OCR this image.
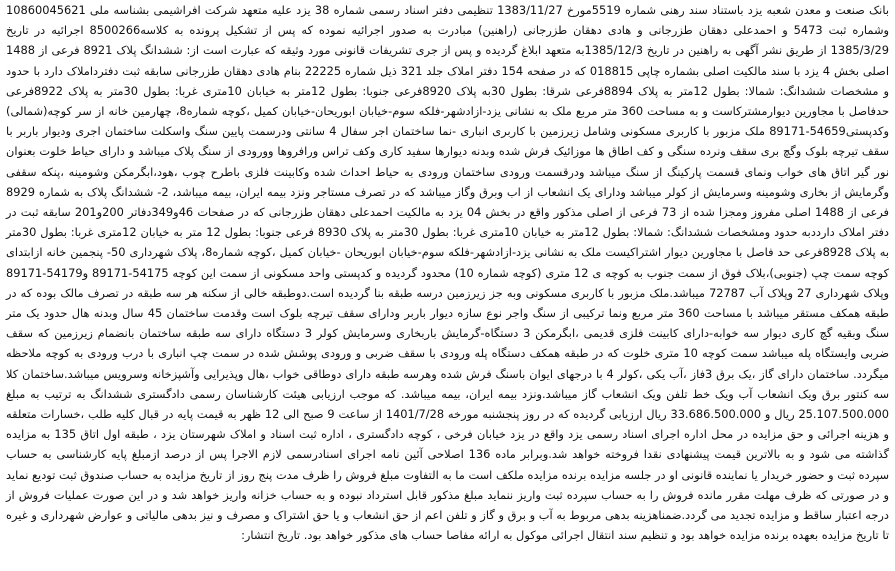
بانک صنعت و معدن شعبه یزد باستناد سند رهنی شماره 5519مورخ 1383/11/27 تنظیمی دفتر اسناد رسمی شماره 38 یزد علیه متعهد شرکت افراشیمی بشناسه ملی 10860045621 وشماره ثبت 5473 و احمدعلی دهقان طزرجانی و هادی دهقان طزرجانی (راهنین) مبادرت به صدور اجرائیه نموده که پس از تشکیل پرونده به کلاسه8500266 اجرائیه در تاریخ 1385/3/29 از طریق نشر آگهی به راهنین در تاریخ 1385/12/3به متعهد ابلاغ گردیده و پس از جری تشریفات قانونی مورد وثیقه که عبارت است از: ششدانگ پلاک 8921 فرعی از 1488 اصلی بخش 4 یزد با سند مالکیت اصلی بشماره چاپی 018815 که در صفحه 154 دفتر املاک جلد 321 ذیل شماره 22225 بنام هادی دهقان طزرجانی سابقه ثبت دفترداملاک دارد با حدود و مشخصات ششدانگ: شمالا: بطول 12متر به پلاک 8894فرعی شرقا: بطول 30به پلاک 8920فرعی جنوبا: بطول 12متر به خیابان 10متری غربا: بطول 30متر به پلاک 8922فرعی حدفاصل با مجاورین دیوارمشترکاست و به مساحت 360 متر مربع ملک به نشانی یزد-ازادشهر-فلکه سوم-خیابان ابوریحان-خیابان کمیل ،کوچه شماره8، چهارمین خانه از سر کوچه(شمالی) وکدپستی54659-89171 ملک مزبور با کاربری مسکونی وشامل زیرزمین با کاربری انباری -نما ساختمان اجر سفال 4 سانتی ودرسمت پایین سنگ واسکلت ساختمان اجری ودیوار باربر با سقف تیرچه بلوک وگچ بری سقف ونرده سنگی و کف اطاق ها موزائیک فرش شده وبدنه دیوارها سفید کاری وکف تراس ورافروها وورودی از سنگ پلاک میباشد و دارای حیاط خلوت بعنوان نور گیر اتاق های خواب ونمای قسمت پارکینگ از سنگ میباشد ودرقسمت ورودی ساختمان ورودی به حیاط احداث شده وکابینت فلزی باطرح چوب ،هود،ابگرمکن وشومینه ،پنکه سقفی وگرمایش از بخاری وشومینه وسرمایش از کولر میباشد ودارای یک انشعاب از اب وبرق وگاز میباشد که در تصرف مستاجر ونزد بیمه ایران، بیمه میباشد، 2- ششدانگ پلاک به شماره 8929 فرعی از 1488 اصلی مفروز ومجزا شده از 73 فرعی از اصلی مذکور واقع در بخش 04 یزد به مالکیت احمدعلی دهقان طزرجانی که در صفحات 46و349دفاتر 200و201 سابقه ثبت در دفتر املاک دارددبه حدود ومشخصات ششدانگ: شمالا: بطول 12متر به خیابان 10متری غربا: بطول 30متر به پلاک 8930 فرعی جنوبا: بطول 12 متر به خیابان 12متری غربا: بطول 30متر به پلاک 8928فرعی حد فاصل با مجاورین دیوار اشتراکیست ملک به نشانی یزد-ازادشهر-فلکه سوم-خیابان ابوریحان -خیابان کمیل ،کوچه شماره8، پلاک شهرداری 50- پنجمین خانه ازابتدای کوچه سمت چپ (جنوبی)،بلاک فوق از سمت جنوب به کوچه ی 12 متری (کوچه شماره 10) محدود گردیده و کدپستی واحد مسکونی از سمت این کوچه 54175-89171 و54179-89171 وپلاک شهرداری 27 وپلاک آب 72787 میباشد.ملک مزبور با کاربری مسکونی وبه جز زیرزمین درسه طبقه بنا گردیده است.دوطبقه خالی از سکنه هر سه طبقه در تصرف مالک بوده که در طبقه همکف مستقر میباشد با مساحت 360 متر مربع ونما ترکیبی از سنگ واجر نوع سازه دیوار باربر ودارای سقف تیرچه بلوک است وقدمت ساختمان 45 سال وبدنه هال حدود یک متر سنگ وبقیه گچ کاری دیوار سه خوابه-دارای کابینت فلزی قدیمی ،ابگرمکن 3 دستگاه-گرمایش باربخاری وسرمایش کولر 3 دستگاه دارای سه طبقه ساختمان بانضمام زیرزمین که سقف ضربی وایستگاه پله میباشد سمت کوچه 10 متری خلوت که در طبقه همکف دستگاه پله ورودی با سقف ضربی و ورودی پوشش شده در سمت چپ انباری با درب ورودی به کوچه ملاحظه میگردد. ساختمان دارای گاز ،یک برق 3فاز ،آب یکی ،کولر 4 با درجهای ایوان باسنگ فرش شده وهرسه طبقه دارای دوطاقی خواب ،هال وپذیرایی وآشپزخانه وسرویس میباشد.ساختمان کلا سه کنتور برق ویک انشعاب آب ویک خط تلفن ویک انشعاب گاز میباشد.ونزد بیمه ایران، بیمه میباشد. که موجب ارزیابی هیئت کارشناسان رسمی دادگستری ششدانگ به ترتیب به مبلغ 25.107.500.000 ریال و 33.686.500.000 ریال ارزیابی گردیده که در روز پنجشنبه مورخه 1401/7/28 از ساعت 9 صبح الی 12 ظهر به قیمت پایه در قبال کلیه طلب ،خسارات متعلقه و هزینه اجرائی و حق مزایده در محل اداره اجرای اسناد رسمی یزد واقع در یزد خیابان فرخی ، کوچه دادگستری ، اداره ثبت اسناد و املاک شهرستان یزد ، طبقه اول اتاق 135 به مزایده گذاشته می شود و به بالاترین قیمت پیشنهادی نقدا فروخته خواهد شد.وبرابر ماده 136 اصلاحی آئین نامه اجرای اسنادرسمی لازم الاجرا پس از درصد ازمبلغ پایه کارشناسی به حساب سپرده ثبت و حضور خریدار یا نماینده قانونی او در جلسه مزایده برنده مزایده ملکف است ما به التفاوت مبلغ فروش را ظرف مدت پنج روز از تاریخ مزایده به حساب صندوق ثبت تودیع نماید و در صورتی که ظرف مهلت مقرر مانده فروش را به حساب سپرده ثبت واریز ننماید مبلغ مذکور قابل استرداد نبوده و به حساب خزانه واریز خواهد شد و در این صورت عملیات فروش از درجه اعتبار ساقط و مزایده تجدید می گردد.ضمناهزینه بدهی مربوط به آب و برق و گاز و تلفن اعم از حق انشعاب و یا حق اشتراک و مصرف و نیز بدهی مالیاتی و عوارض شهرداری و غیره تا تاریخ مزایده بعهده برنده مزایده خواهد بود و تنظیم سند انتقال اجرائی موکول به ارائه مفاصا حساب های مذکور خواهد بود. تاریخ انتشار:
